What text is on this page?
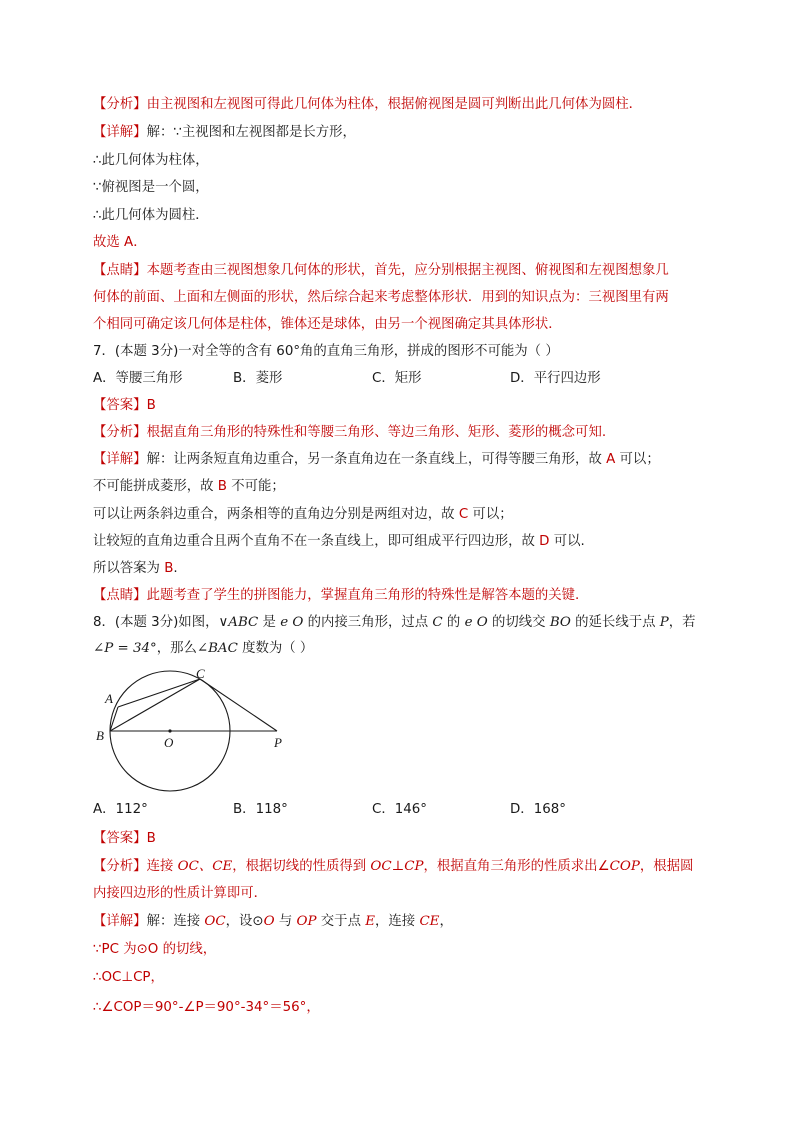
【分析】由主视图和左视图可得此几何体为柱体，根据俯视图是圆可判断出此几何体为圆柱．
【详解】解：∵主视图和左视图都是长方形，
∴此几何体为柱体，
∵俯视图是一个圆，
∴此几何体为圆柱．
故选 A．
【点睛】本题考查由三视图想象几何体的形状，首先，应分别根据主视图、俯视图和左视图想象几
何体的前面、上面和左侧面的形状，然后综合起来考虑整体形状．用到的知识点为：三视图里有两
个相同可确定该几何体是柱体，锥体还是球体，由另一个视图确定其具体形状．
7．(本题 3分)一对全等的含有 60°角的直角三角形，拼成的图形不可能为（ ）
A．等腰三角形	B．菱形	C．矩形	D．平行四边形
【答案】B
【分析】根据直角三角形的特殊性和等腰三角形、等边三角形、矩形、菱形的概念可知.
【详解】解：让两条短直角边重合，另一条直角边在一条直线上，可得等腰三角形，故 A 可以；
不可能拼成菱形，故 B 不可能；
可以让两条斜边重合，两条相等的直角边分别是两组对边，故 C 可以；
让较短的直角边重合且两个直角不在一条直线上，即可组成平行四边形，故 D 可以.
所以答案为 B.
【点睛】此题考查了学生的拼图能力，掌握直角三角形的特殊性是解答本题的关键.
8．(本题 3分)如图，∨ABC 是 e O 的内接三角形，过点 C 的 e O 的切线交 BO 的延长线于点 P，若
∠P = 34°，那么∠BAC 度数为（ ）
A
B
C
O	P
A．112°	B．118°	C．146°	D．168°
【答案】B
【分析】连接 OC、CE，根据切线的性质得到 OC⊥CP，根据直角三角形的性质求出∠COP，根据圆
内接四边形的性质计算即可．
【详解】解：连接 OC，设⊙O 与 OP 交于点 E，连接 CE，
∵PC 为⊙O 的切线，
∴OC⊥CP，
∴∠COP＝90°-∠P＝90°-34°＝56°，
